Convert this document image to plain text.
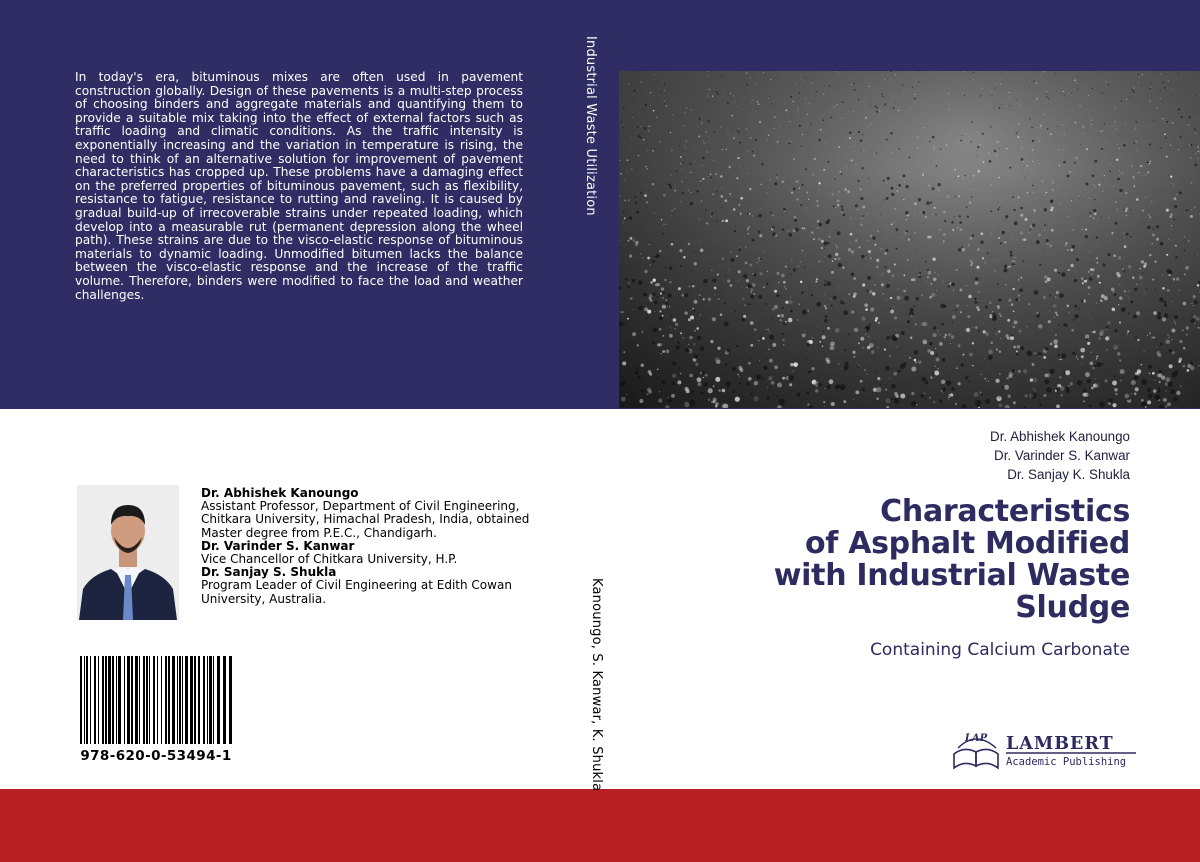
In today's era, bituminous mixes are often used in pavement construction globally. Design of these pavements is a multi-step process of choosing binders and aggregate materials and quantifying them to provide a suitable mix taking into the effect of external factors such as traffic loading and climatic conditions. As the traffic intensity is exponentially increasing and the variation in temperature is rising, the need to think of an alternative solution for improvement of pavement characteristics has cropped up. These problems have a damaging effect on the preferred properties of bituminous pavement, such as flexibility, resistance to fatigue, resistance to rutting and raveling. It is caused by gradual build-up of irrecoverable strains under repeated loading, which develop into a measurable rut (permanent depression along the wheel path). These strains are due to the visco-elastic response of bituminous materials to dynamic loading. Unmodified bitumen lacks the balance between the visco-elastic response and the increase of the traffic volume. Therefore, binders were modified to face the load and weather challenges.

Industrial Waste Utilization
Kanoungo, S. Kanwar, K. Shukla
Dr. Abhishek Kanoungo
Assistant Professor, Department of Civil Engineering, Chitkara University, Himachal Pradesh, India, obtained Master degree from P.E.C., Chandigarh.
Dr. Varinder S. Kanwar
Vice Chancellor of Chitkara University, H.P.
Dr. Sanjay S. Shukla
Program Leader of Civil Engineering at Edith Cowan University, Australia.
978-620-0-53494-1
Dr. Abhishek Kanoungo
Dr. Varinder S. Kanwar
Dr. Sanjay K. Shukla
Characteristics
of Asphalt Modified
with Industrial Waste
Sludge
Containing Calcium Carbonate
LAP LAMBERT
Academic Publishing
